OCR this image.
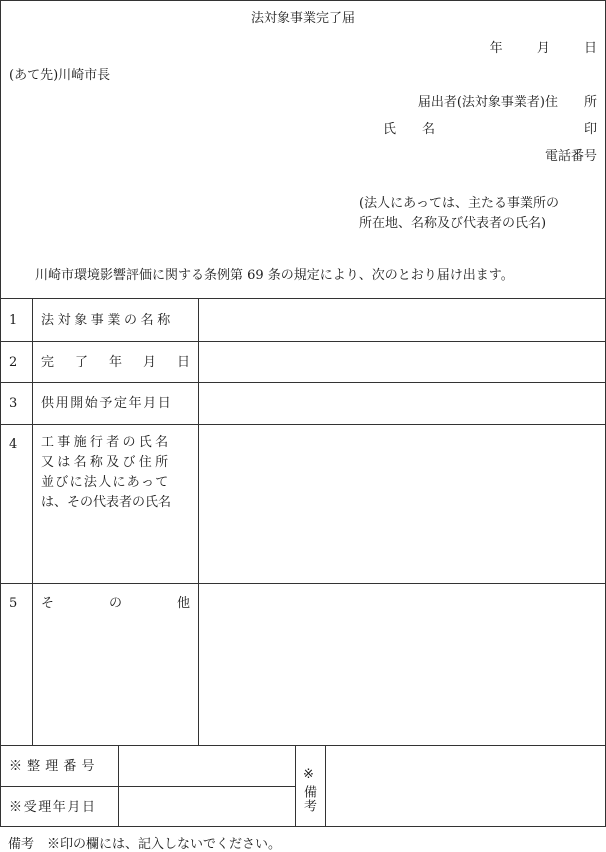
法対象事業完了届
年	月	日
(あて先)川崎市長
届出者(法対象事業者)住　　所
氏　　名	印
電話番号
(法人にあっては、主たる事業所の
所在地、名称及び代表者の氏名)
川崎市環境影響評価に関する条例第 69 条の規定により、次のとおり届け出ます。
1 法対象事業の名称
2 完 了 年 月 日
3 供用開始予定年月日
4 工事施行者の氏名
又は名称及び住所
並びに法人にあって
は、その代表者の氏名
5 そ	の	他
※ 整 理 番 号
※受理年月日
※
備考
備考　※印の欄には、記入しないでください。
